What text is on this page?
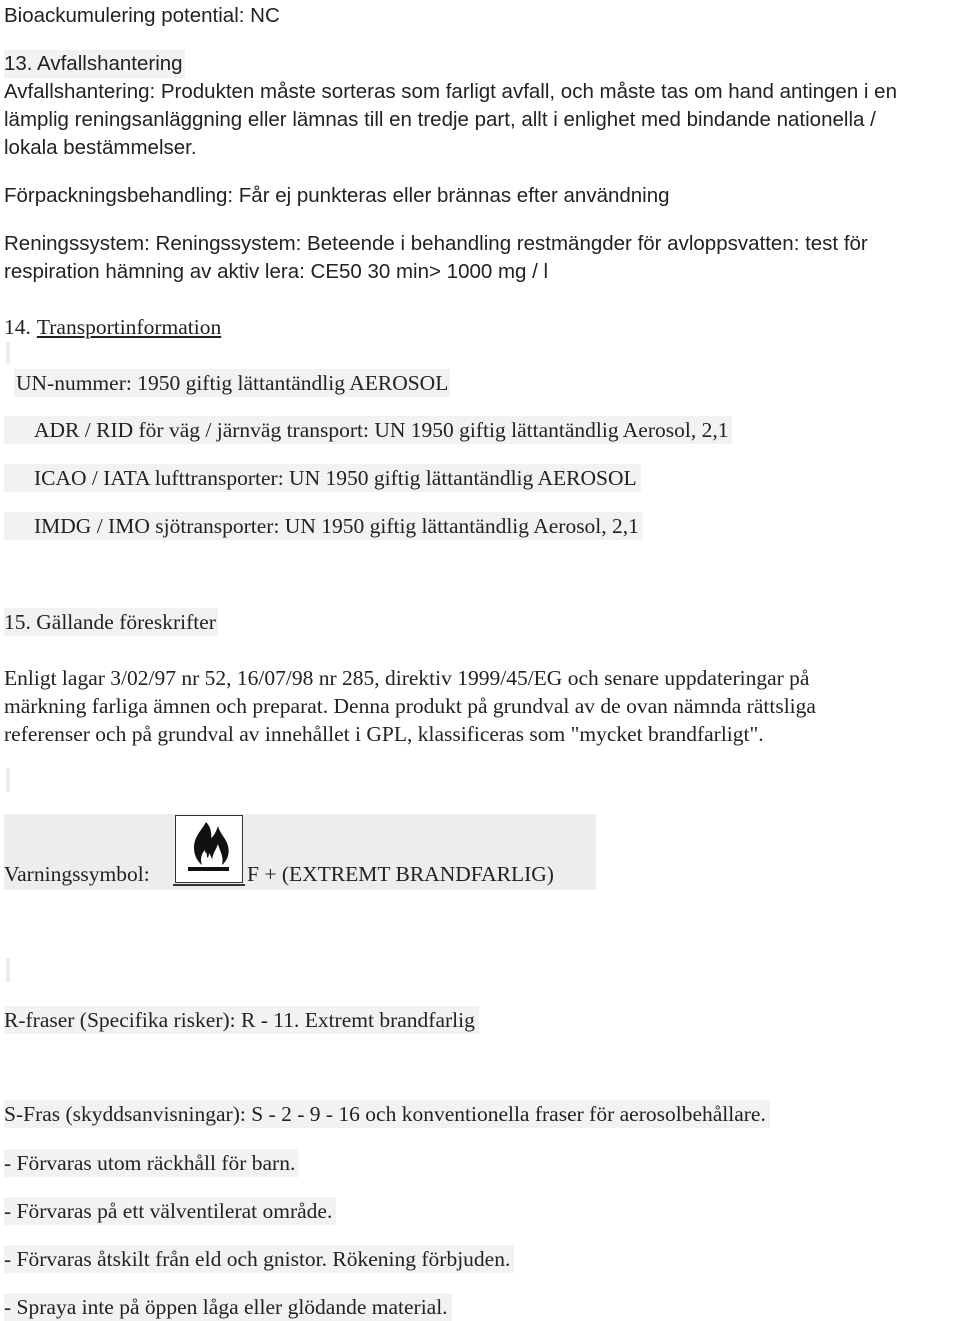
Bioackumulering potential: NC
13. Avfallshantering
Avfallshantering: Produkten måste sorteras som farligt avfall, och måste tas om hand antingen i en
lämplig reningsanläggning eller lämnas till en tredje part, allt i enlighet med bindande nationella /
lokala bestämmelser.
Förpackningsbehandling: Får ej punkteras eller brännas efter användning
Reningssystem: Reningssystem: Beteende i behandling restmängder för avloppsvatten: test för
respiration hämning av aktiv lera: CE50 30 min> 1000 mg / l
14. Transportinformation
UN-nummer: 1950 giftig lättantändlig AEROSOL
ADR / RID för väg / järnväg transport: UN 1950 giftig lättantändlig Aerosol, 2,1
ICAO / IATA lufttransporter: UN 1950 giftig lättantändlig AEROSOL
IMDG / IMO sjötransporter: UN 1950 giftig lättantändlig Aerosol, 2,1
15. Gällande föreskrifter
Enligt lagar 3/02/97 nr 52, 16/07/98 nr 285, direktiv 1999/45/EG och senare uppdateringar på
märkning farliga ämnen och preparat. Denna produkt på grundval av de ovan nämnda rättsliga
referenser och på grundval av innehållet i GPL, klassificeras som "mycket brandfarligt".
Varningssymbol:	F + (EXTREMT BRANDFARLIG)
R-fraser (Specifika risker): R - 11. Extremt brandfarlig
S-Fras (skyddsanvisningar): S - 2 - 9 - 16 och konventionella fraser för aerosolbehållare.
- Förvaras utom räckhåll för barn.
- Förvaras på ett välventilerat område.
- Förvaras åtskilt från eld och gnistor. Rökening förbjuden.
- Spraya inte på öppen låga eller glödande material.
